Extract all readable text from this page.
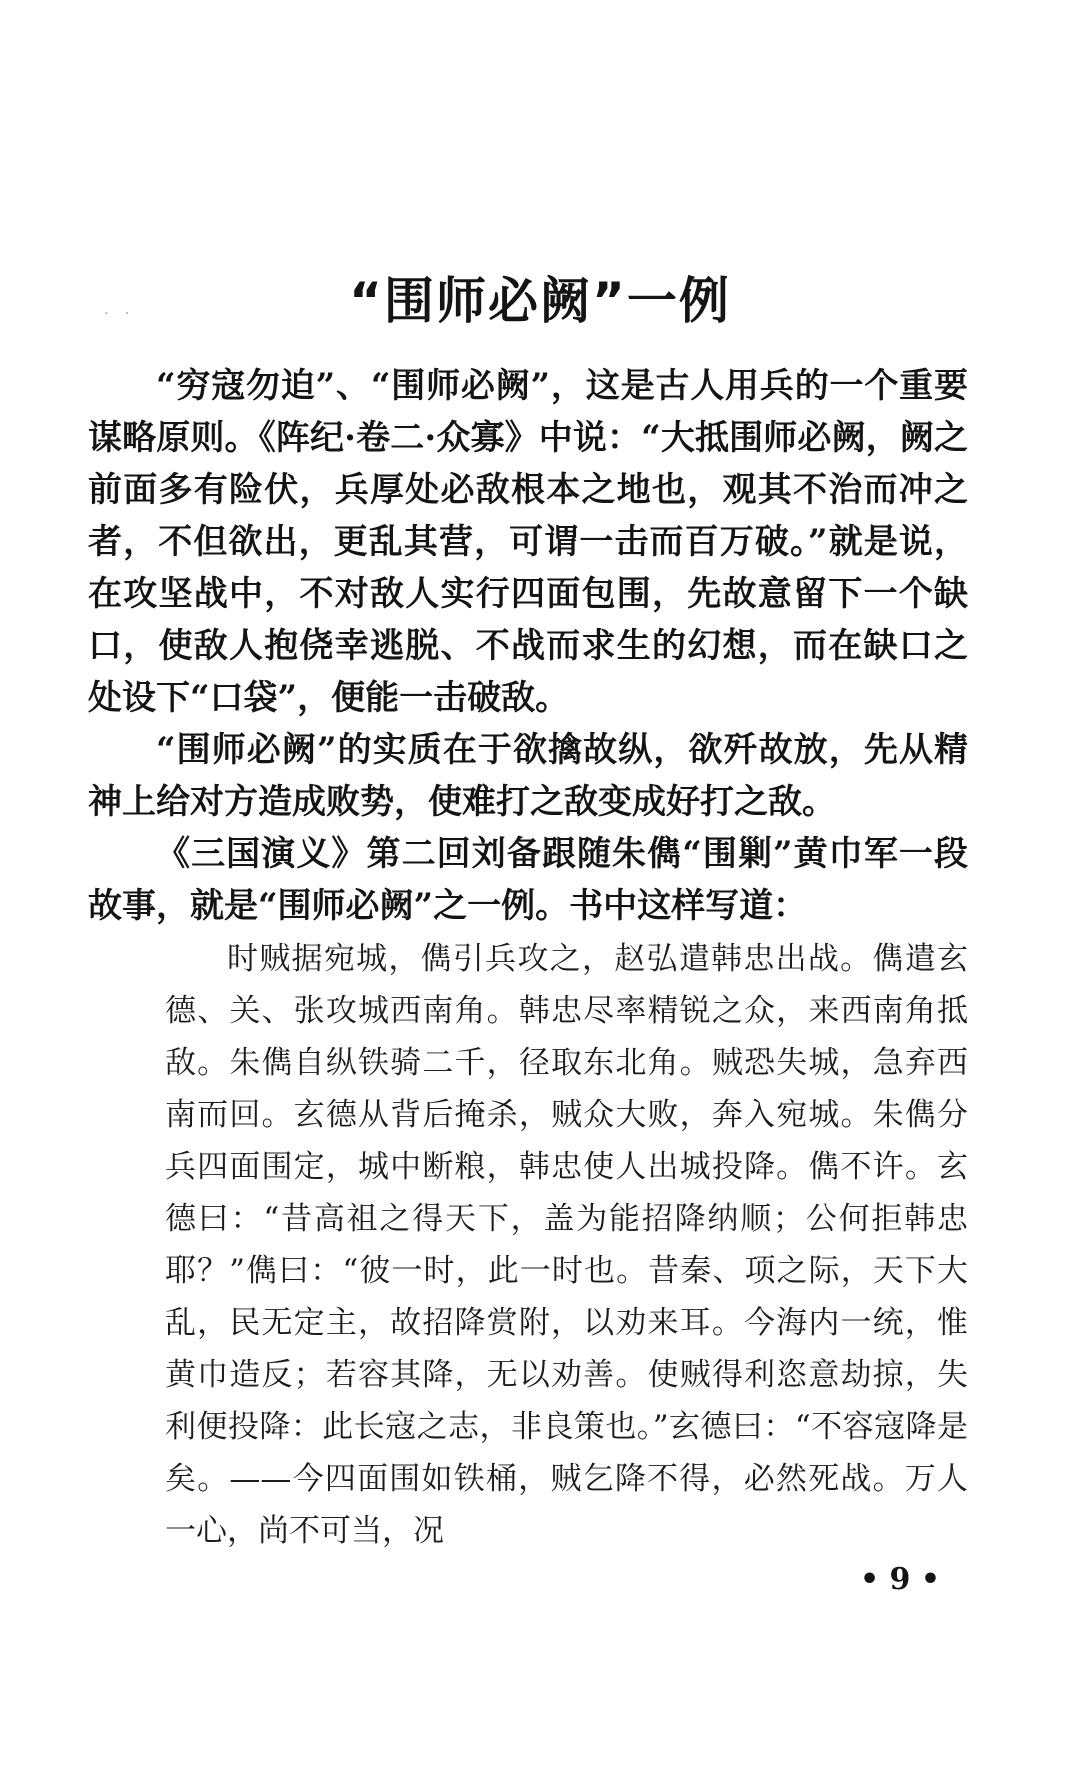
. .	“围师必阙”一例

“穷寇勿迫”、“围师必阙”，这是古人用兵的一个重要谋略原则。《阵纪·卷二·众寡》中说：“大抵围师必阙，阙之前面多有险伏，兵厚处必敌根本之地也，观其不治而冲之者，不但欲出，更乱其营，可谓一击而百万破。”就是说，在攻坚战中，不对敌人实行四面包围，先故意留下一个缺口，使敌人抱侥幸逃脱、不战而求生的幻想，而在缺口之处设下“口袋”，便能一击破敌。

“围师必阙”的实质在于欲擒故纵，欲歼故放，先从精神上给对方造成败势，使难打之敌变成好打之敌。

《三国演义》第二回刘备跟随朱儁“围剿”黄巾军一段故事，就是“围师必阙”之一例。书中这样写道：

时贼据宛城，儁引兵攻之，赵弘遣韩忠出战。儁遣玄德、关、张攻城西南角。韩忠尽率精锐之众，来西南角抵敌。朱儁自纵铁骑二千，径取东北角。贼恐失城，急弃西南而回。玄德从背后掩杀，贼众大败，奔入宛城。朱儁分兵四面围定，城中断粮，韩忠使人出城投降。儁不许。玄德曰：“昔高祖之得天下，盖为能招降纳顺；公何拒韩忠耶？”儁曰：“彼一时，此一时也。昔秦、项之际，天下大乱，民无定主，故招降赏附，以劝来耳。今海内一统，惟黄巾造反；若容其降，无以劝善。使贼得利恣意劫掠，失利便投降：此长寇之志，非良策也。”玄德曰：“不容寇降是矣。——今四面围如铁桶，贼乞降不得，必然死战。万人一心，尚不可当，况

• 9 •
